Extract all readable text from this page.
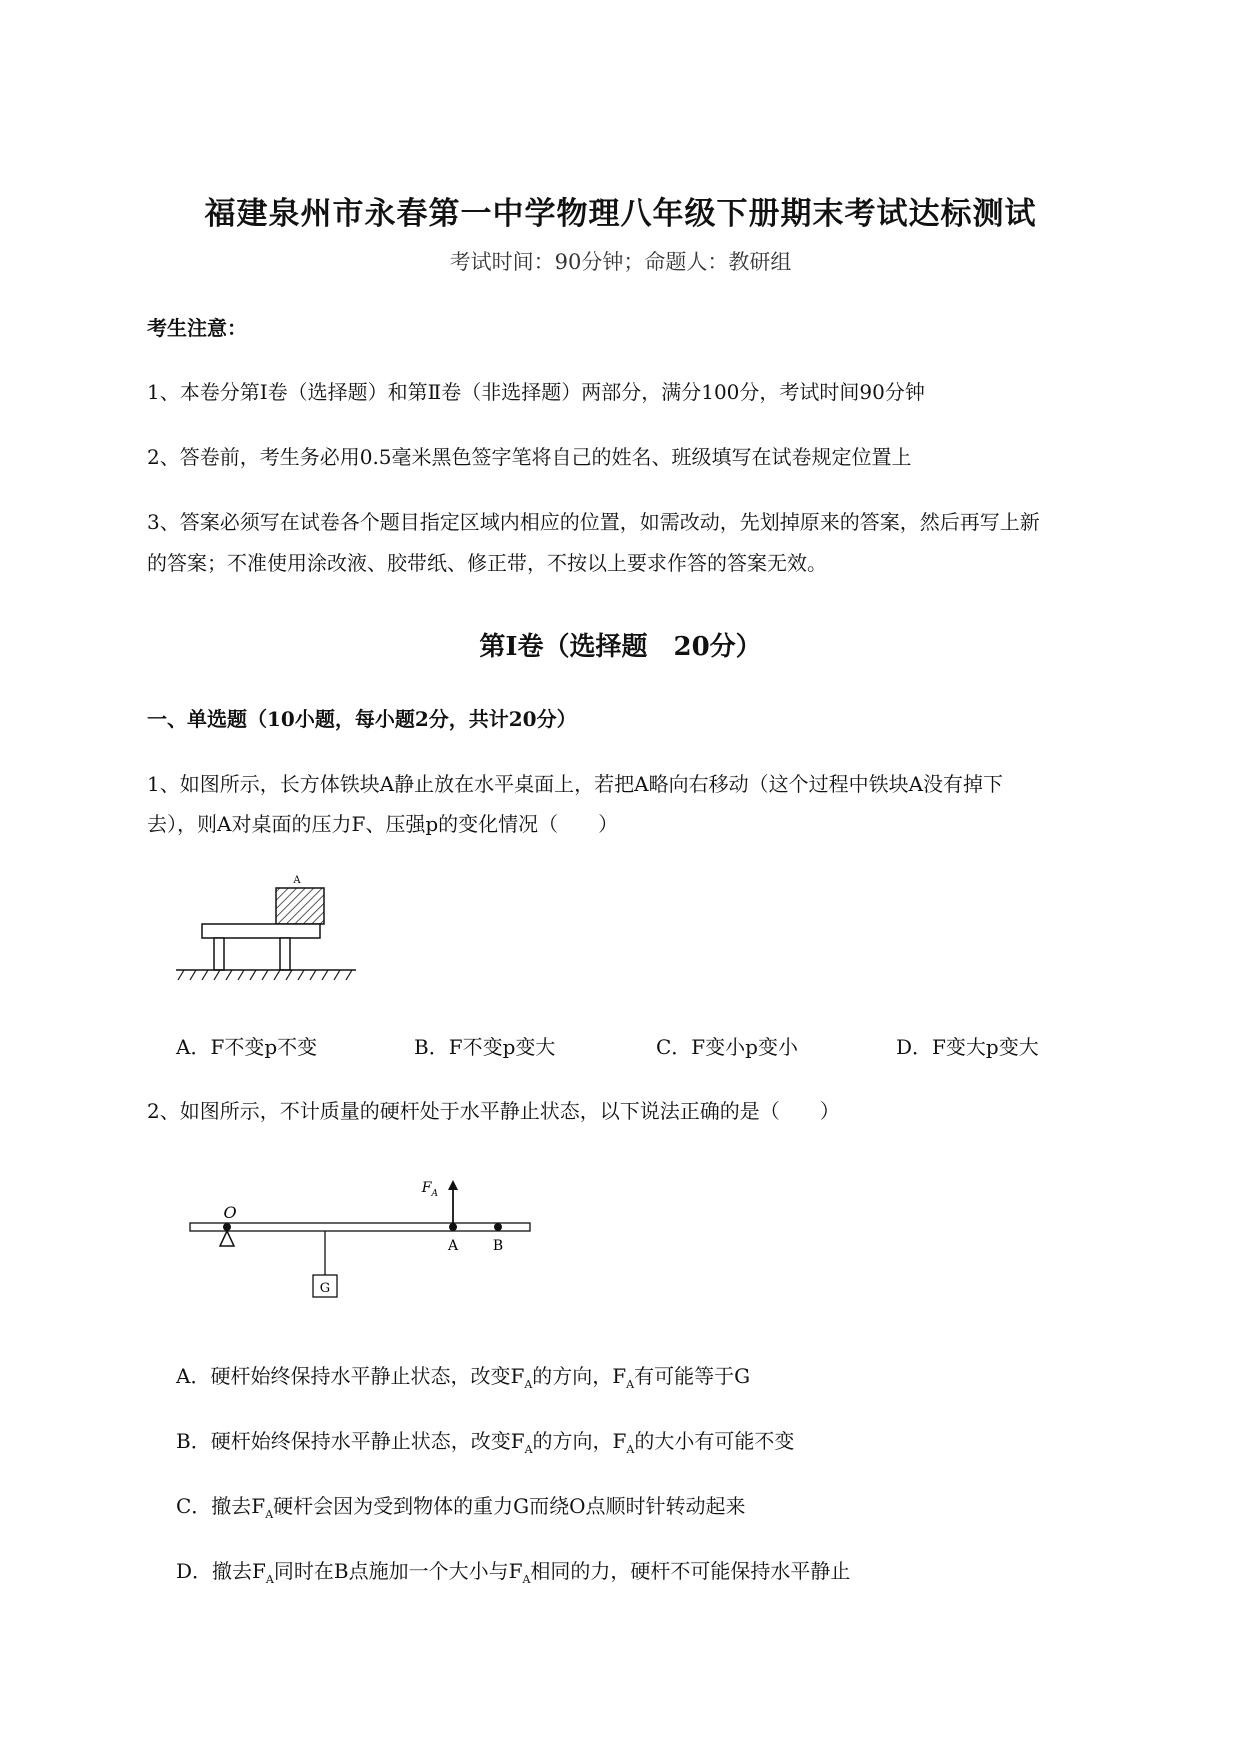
福建泉州市永春第一中学物理八年级下册期末考试达标测试
考试时间：90分钟；命题人：教研组
考生注意：
1、本卷分第Ⅰ卷（选择题）和第Ⅱ卷（非选择题）两部分，满分100分，考试时间90分钟
2、答卷前，考生务必用0.5毫米黑色签字笔将自己的姓名、班级填写在试卷规定位置上
3、答案必须写在试卷各个题目指定区域内相应的位置，如需改动，先划掉原来的答案，然后再写上新
的答案；不准使用涂改液、胶带纸、修正带，不按以上要求作答的答案无效。
第Ⅰ卷（选择题　20分）
一、单选题（10小题，每小题2分，共计20分）
1、如图所示，长方体铁块A静止放在水平桌面上，若把A略向右移动（这个过程中铁块A没有掉下
去），则A对桌面的压力F、压强p的变化情况（　　）
A
A．F不变p不变	B．F不变p变大	C．F变小p变小	D．F变大p变大
2、如图所示，不计质量的硬杆处于水平静止状态，以下说法正确的是（　　）
O
$F_A$
A B
G
A．硬杆始终保持水平静止状态，改变$F_A$的方向，$F_A$有可能等于G
B．硬杆始终保持水平静止状态，改变$F_A$的方向，$F_A$的大小有可能不变
C．撤去$F_A$硬杆会因为受到物体的重力G而绕O点顺时针转动起来
D．撤去$F_A$同时在B点施加一个大小与$F_A$相同的力，硬杆不可能保持水平静止
